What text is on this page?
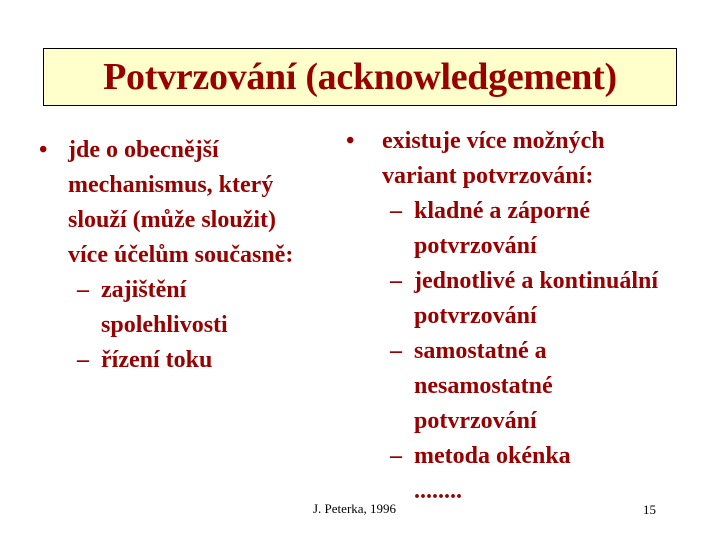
Potvrzování (acknowledgement)
• jde o obecnější
mechanismus, který
slouží (může sloužit)
více účelům současně:
– zajištění
spolehlivosti
– řízení toku
• existuje více možných
variant potvrzování:
– kladné a záporné
potvrzování
– jednotlivé a kontinuální
potvrzování
– samostatné a
nesamostatné
potvrzování
– metoda okénka
........
J. Peterka, 1996	15
